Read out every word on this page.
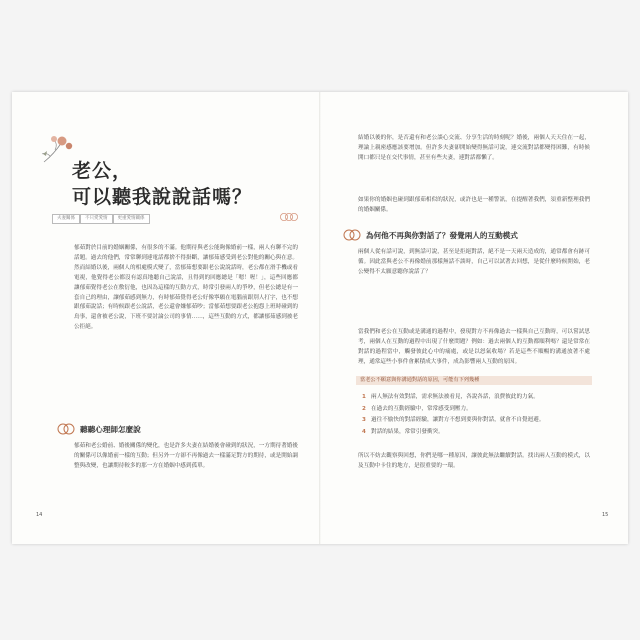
老公，
可以聽我說說話嗎？
夫妻關係	不只愛愛情	更重愛情關係

郁茹對於目前的婚姻關係，有很多的不滿。他期待與老公能夠像婚前一樣，兩人有聊不完的話題。過去的他們，常常聊到連電話都捨不得掛斷，讓郁茹感受到老公對他的關心與在意。然而結婚以後，兩個人的相處模式變了，當郁茹想要跟老公說說話時，老公都在滑手機或看電視，他覺得老公都沒有認真地聽自己說話，且得到的回應總是「嗯！喔！」，這些回應都讓郁茹覺得老公在敷衍他，也因為這樣的互動方式，時常引發兩人的爭吵，但老公總是有一套自己的理由，讓郁茹感到無力，有時郁茹覺得老公好像寧願在電腦前跟別人打字，也不想跟郁茹說話；有時候跟老公說話，老公還會嫌郁茹吵；當郁茹想要跟老公抱怨上班時碰到的鳥事，還會被老公說，下班不要討論公司的事情……，這些互動的方式，都讓郁茹感到被老公拒絕。

聽聽心理師怎麼說

郁茹和老公婚前、婚後關係的變化，也是許多夫妻在結婚後會碰到的狀況，一方期待著婚後的關係可以像婚前一樣的互動；但另外一方卻不再像過去一樣滿足對方的期待，或是開始調整與改變，也讓期待較多的那一方在婚姻中感到孤單。

14

結婚以後的你，是否還有和老公談心交流、分享生活的時刻呢？婚後，兩個人天天住在一起，理論上親密感應該要增加。但許多夫妻卻開始變得無話可說，連交流對話都變得困難，有時候開口都只是在交代事情，甚至有些夫妻，連對話都懶了。

如果你的婚姻也碰到跟郁茹相似的狀況，或許也是一種警訊，在提醒著我們，須重新整理我們的婚姻關係。

為何他不再與你對話了？發覺兩人的互動模式

兩個人從有話可說，到無話可說，甚至是拒絕對話，絕不是一天兩天造成的，通常都會有跡可循。因此當與老公不再像婚前那樣無話不談時，自己可以試著去回想，是從什麼時候開始，老公變得不太願意聽你說話了？

當我們和老公在互動或是溝通的過程中，發現對方不再像過去一樣與自己互動時，可以嘗試思考，兩個人在互動的過程中出現了什麼問題？例如：過去兩個人的互動都順利嗎？還是常常在對話的過程當中，觸發彼此心中的痛處，或是以怒氣收場？若是這些不順暢的溝通放著不處理，通常這些小事件會累積成大事件，成為影響兩人互動的原因。

當老公不願意與你溝通對話的原因，可能有下列幾種
1 兩人無法有效對話，需求無法被看見，各說各話，浪費彼此的力氣。
2 在過去的互動經驗中，常常感受到壓力。
3 過往不愉快的對話經驗，讓對方不想到要與你對話，就會不自覺迴避。
4 對話的結果，常常引發衝突。

所以不妨去觀察與回想，你們是哪一種原因，讓彼此無法繼續對話。找出兩人互動的模式，以及互動中卡住的地方，是很重要的一環。

15
